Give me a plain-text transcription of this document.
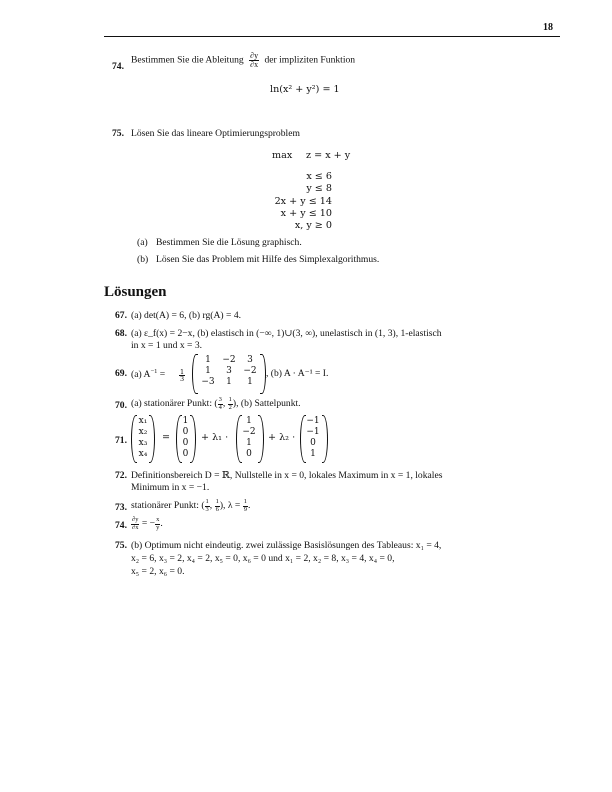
18
74.
Bestimmen Sie die Ableitung $\frac{\partial y}{\partial x}$ der impliziten Funktion
ln(x² + y²) = 1
75. Lösen Sie das lineare Optimierungsproblem
max z = x + y
x ≤ 6
y ≤ 8
2x + y ≤ 14
x + y ≤ 10
x, y ≥ 0
(a) Bestimmen Sie die Lösung graphisch.
(b) Lösen Sie das Problem mit Hilfe des Simplexalgorithmus.
Lösungen
67. (a) det(A) = 6, (b) rg(A) = 4.
68. (a) ε_f(x) = 2−x, (b) elastisch in (−∞, 1)∪(3, ∞), unelastisch in (1, 3), 1-elastisch
in x = 1 und x = 3.
69. (a) $A^{-1} = \frac{1}{3}$
1
1
−3
−2
3
1
3
−2
1
, (b) A · A⁻¹ = I.
70. (a) stationärer Punkt: ( $\frac{3}{4}$ , $\frac{1}{2}$ ), (b) Sattelpunkt.
71.
x₁
x₂
x₃
x₄
=
1
0
0
0
+ λ₁ ·
1
−2
1
0
+ λ₂ ·
−1
−1
0
1
72. Definitionsbereich D = ℝ, Nullstelle in x = 0, lokales Maximum in x = 1, lokales
Minimum in x = −1.
73. stationärer Punkt: ( $\frac{1}{3}$ , $\frac{1}{6}$ ), $\lambda = \frac{1}{9}$ .
74. $\frac{\partial y}{\partial x}$ = − $\frac{x}{y}$ .
75. (b) Optimum nicht eindeutig. zwei zulässige Basislösungen des Tableaus: x₁ = 4,
x₂ = 6, x₃ = 2, x₄ = 2, x₅ = 0, x₆ = 0 und x₁ = 2, x₂ = 8, x₃ = 4, x₄ = 0,
x₅ = 2, x₆ = 0.
